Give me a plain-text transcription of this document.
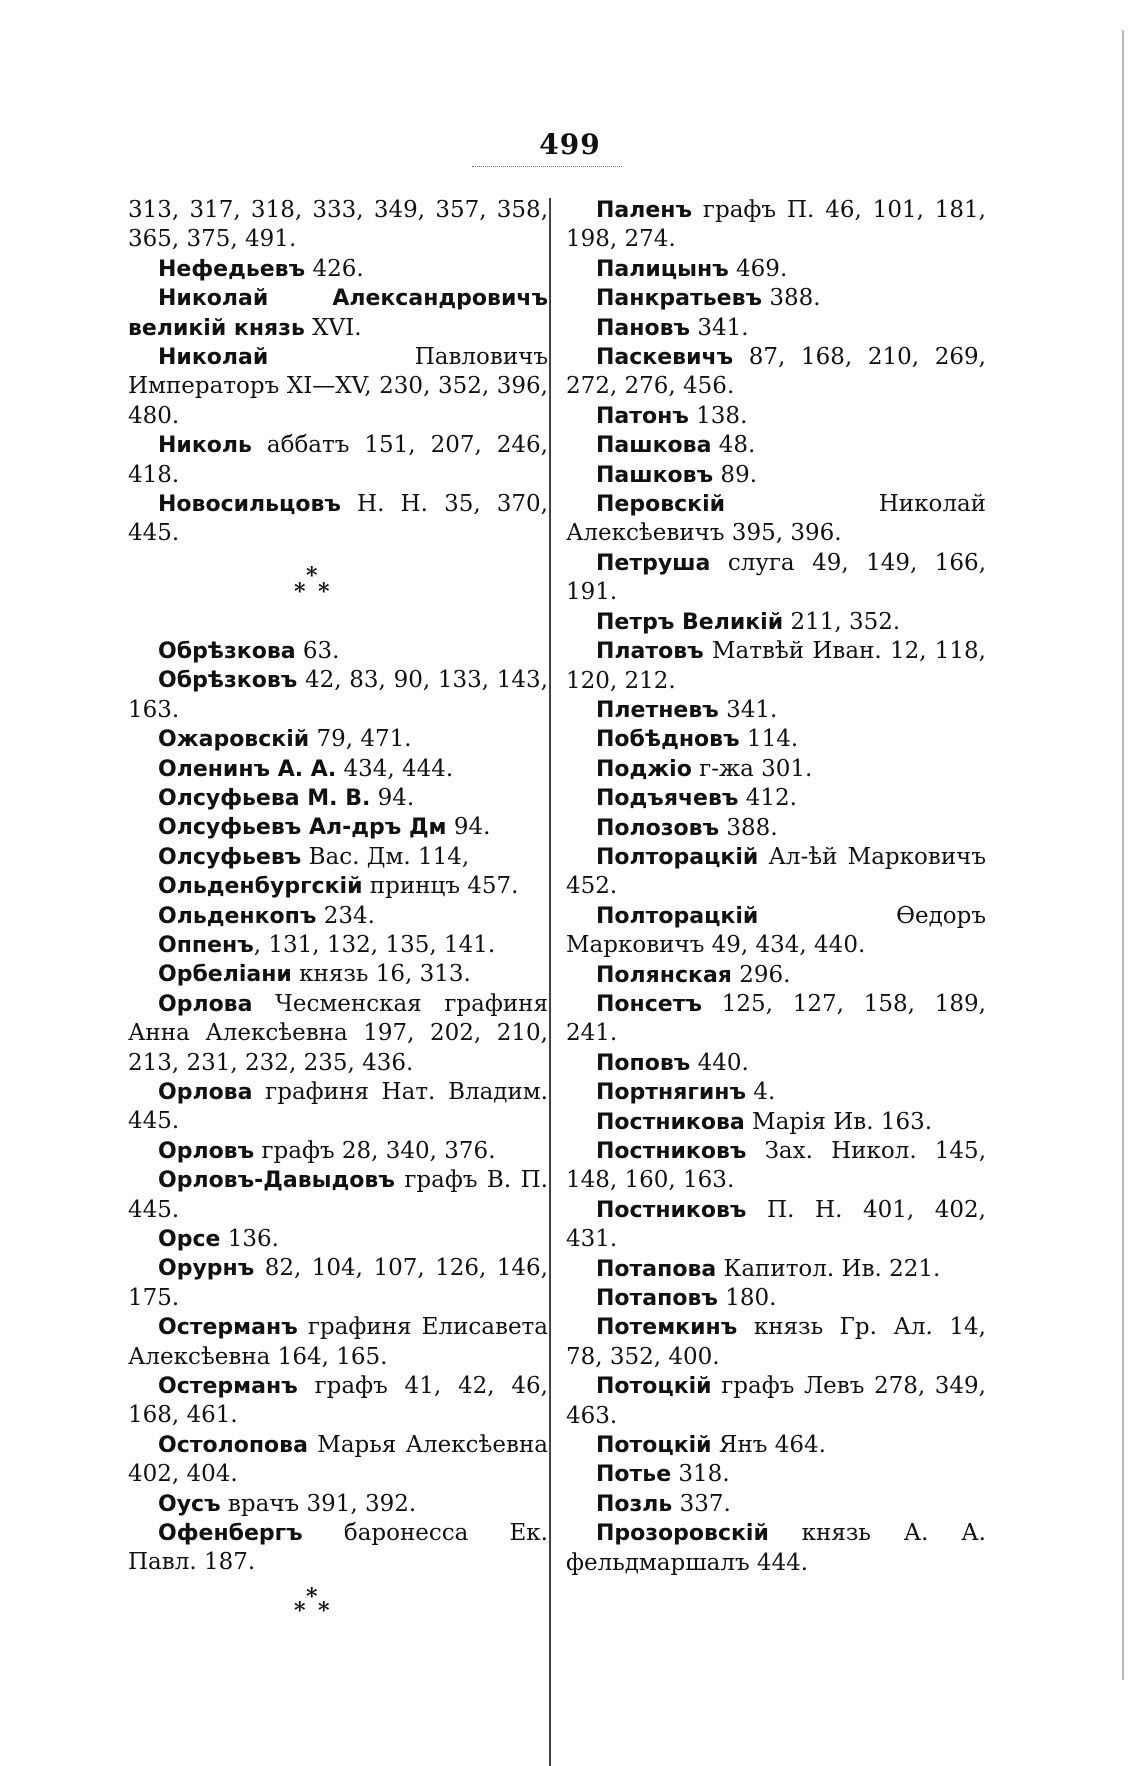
499

313, 317, 318, 333, 349, 357, 358, 365, 375, 491.

Нефедьевъ 426.

Николай Александровичъ великій князь XVI.

Николай Павловичъ Императоръ XI—XV, 230, 352, 396, 480.

Николь аббатъ 151, 207, 246, 418.

Новосильцовъ Н. Н. 35, 370, 445.

*
* *

Обрѣзкова 63.

Обрѣзковъ 42, 83, 90, 133, 143, 163.

Ожаровскій 79, 471.

Оленинъ А. А. 434, 444.

Олсуфьева М. В. 94.

Олсуфьевъ Ал-дръ Дм 94.

Олсуфьевъ Вас. Дм. 114,

Ольденбургскій принцъ 457.

Ольденкопъ 234.

Оппенъ, 131, 132, 135, 141.

Орбеліани князь 16, 313.

Орлова Чесменская графиня Анна Алексѣевна 197, 202, 210, 213, 231, 232, 235, 436.

Орлова графиня Нат. Владим. 445.

Орловъ графъ 28, 340, 376.

Орловъ-Давыдовъ графъ В. П. 445.

Орсе 136.

Орурнъ 82, 104, 107, 126, 146, 175.

Остерманъ графиня Елисавета Алексѣевна 164, 165.

Остерманъ графъ 41, 42, 46, 168, 461.

Остолопова Марья Алексѣевна 402, 404.

Оусъ врачъ 391, 392.

Офенбергъ баронесса Ек. Павл. 187.

*
* *

Паленъ графъ П. 46, 101, 181, 198, 274.

Палицынъ 469.

Панкратьевъ 388.

Пановъ 341.

Паскевичъ 87, 168, 210, 269, 272, 276, 456.

Патонъ 138.

Пашкова 48.

Пашковъ 89.

Перовскій Николай Алексѣевичъ 395, 396.

Петруша слуга 49, 149, 166, 191.

Петръ Великій 211, 352.

Платовъ Матвѣй Иван. 12, 118, 120, 212.

Плетневъ 341.

Побѣдновъ 114.

Поджіо г-жа 301.

Подъячевъ 412.

Полозовъ 388.

Полторацкій Ал-ѣй Марковичъ 452.

Полторацкій Ѳедоръ Марковичъ 49, 434, 440.

Полянская 296.

Понсетъ 125, 127, 158, 189, 241.

Поповъ 440.

Портнягинъ 4.

Постникова Марія Ив. 163.

Постниковъ Зах. Никол. 145, 148, 160, 163.

Постниковъ П. Н. 401, 402, 431.

Потапова Капитол. Ив. 221.

Потаповъ 180.

Потемкинъ князь Гр. Ал. 14, 78, 352, 400.

Потоцкій графъ Левъ 278, 349, 463.

Потоцкій Янъ 464.

Потье 318.

Позль 337.

Прозоровскій князь А. А. фельдмаршалъ 444.
